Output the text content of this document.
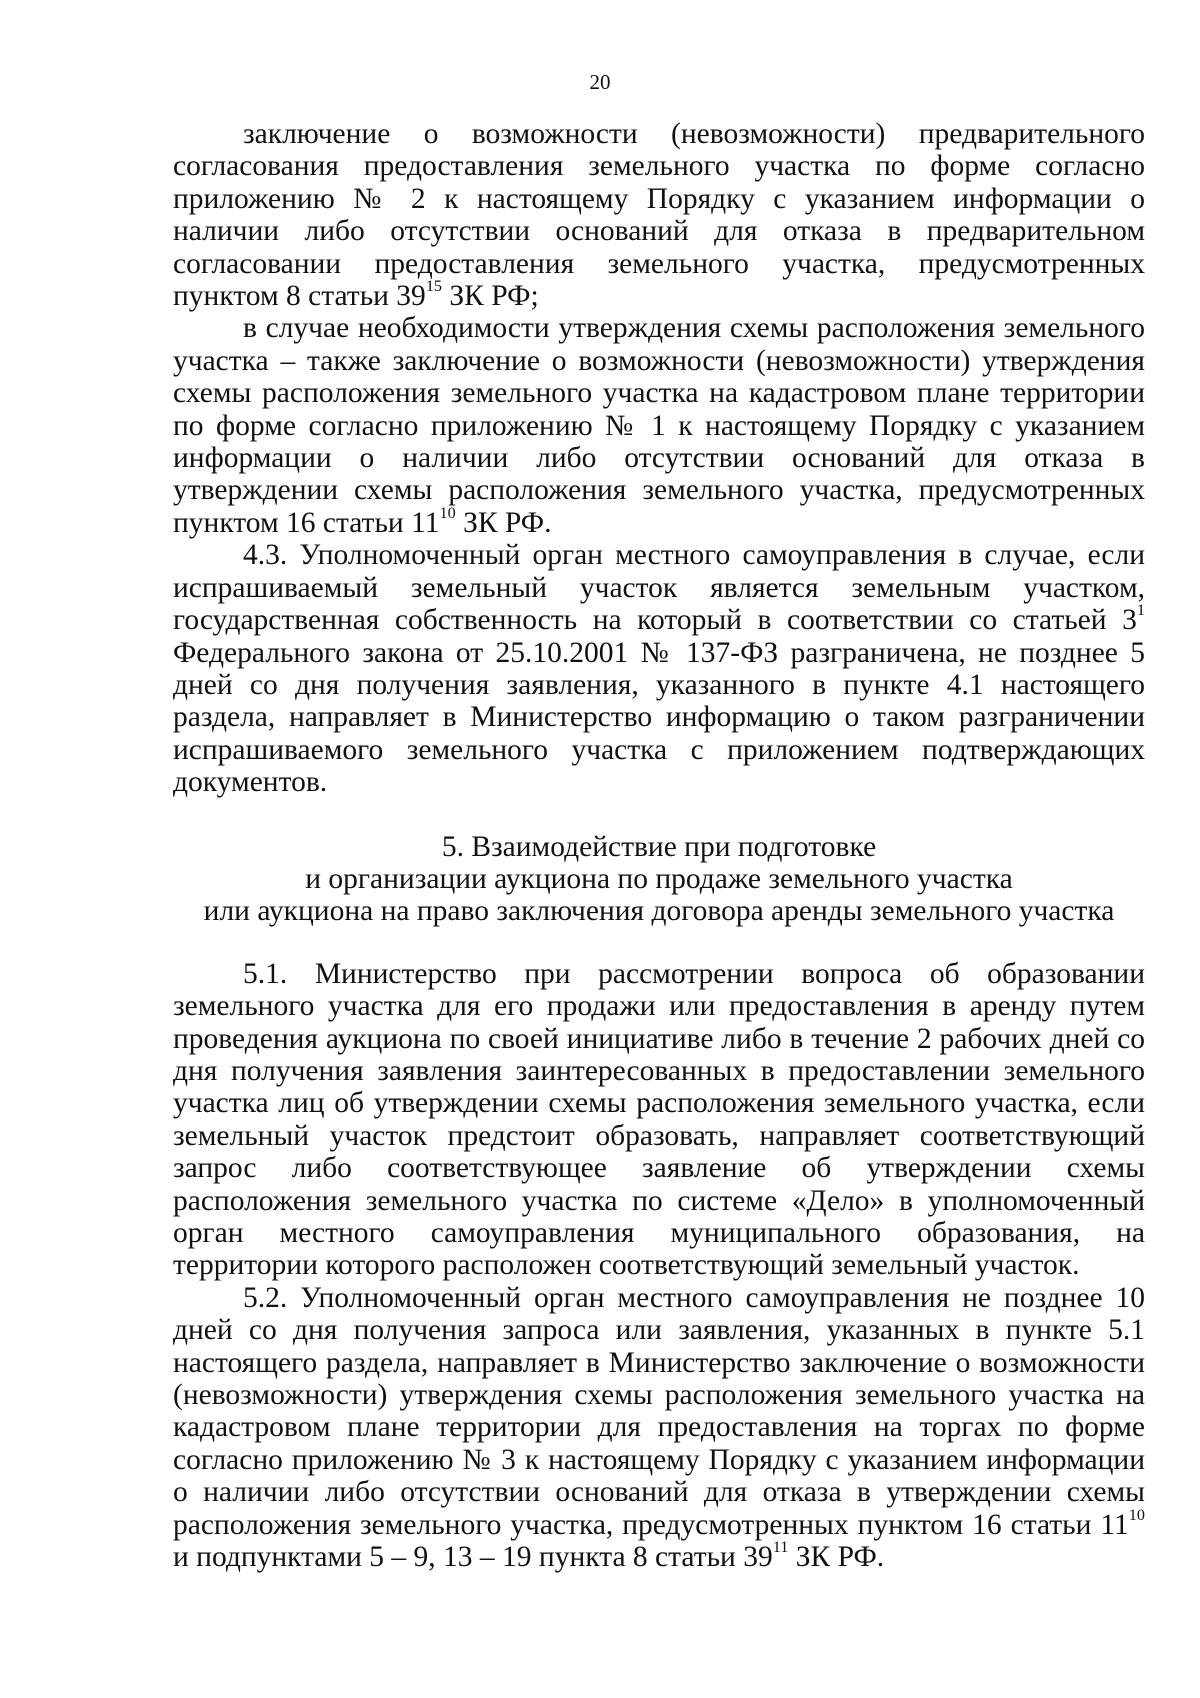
20

заключение о возможности (невозможности) предварительного согласования предоставления земельного участка по форме согласно приложению № 2 к настоящему Порядку с указанием информации о наличии либо отсутствии оснований для отказа в предварительном согласовании предоставления земельного участка, предусмотренных пунктом 8 статьи $39^{15}$ ЗК РФ;

в случае необходимости утверждения схемы расположения земельного участка – также заключение о возможности (невозможности) утверждения схемы расположения земельного участка на кадастровом плане территории по форме согласно приложению № 1 к настоящему Порядку с указанием информации о наличии либо отсутствии оснований для отказа в утверждении схемы расположения земельного участка, предусмотренных пунктом 16 статьи $11^{10}$ ЗК РФ.

4.3. Уполномоченный орган местного самоуправления в случае, если испрашиваемый земельный участок является земельным участком, государственная собственность на который в соответствии со статьей $3^1$ Федерального закона от 25.10.2001 № 137-ФЗ разграничена, не позднее 5 дней со дня получения заявления, указанного в пункте 4.1 настоящего раздела, направляет в Министерство информацию о таком разграничении испрашиваемого земельного участка с приложением подтверждающих документов.

5. Взаимодействие при подготовке
и организации аукциона по продаже земельного участка
или аукциона на право заключения договора аренды земельного участка

5.1. Министерство при рассмотрении вопроса об образовании земельного участка для его продажи или предоставления в аренду путем проведения аукциона по своей инициативе либо в течение 2 рабочих дней со дня получения заявления заинтересованных в предоставлении земельного участка лиц об утверждении схемы расположения земельного участка, если земельный участок предстоит образовать, направляет соответствующий запрос либо соответствующее заявление об утверждении схемы расположения земельного участка по системе «Дело» в уполномоченный орган местного самоуправления муниципального образования, на территории которого расположен соответствующий земельный участок.

5.2. Уполномоченный орган местного самоуправления не позднее 10 дней со дня получения запроса или заявления, указанных в пункте 5.1 настоящего раздела, направляет в Министерство заключение о возможности (невозможности) утверждения схемы расположения земельного участка на кадастровом плане территории для предоставления на торгах по форме согласно приложению № 3 к настоящему Порядку с указанием информации о наличии либо отсутствии оснований для отказа в утверждении схемы расположения земельного участка, предусмотренных пунктом 16 статьи $11^{10}$ и подпунктами 5 – 9, 13 – 19 пункта 8 статьи $39^{11}$ ЗК РФ.
